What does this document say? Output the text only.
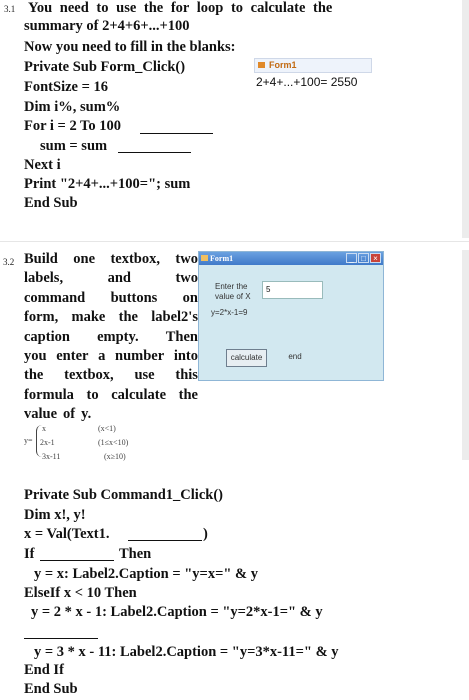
3.1 You need to use the for loop to calculate the
summary of 2+4+6+...+100
Now you need to fill in the blanks:
Private Sub Form_Click()
FontSize = 16
Dim i%, sum%
For i = 2 To 100
sum = sum
Next i
Print "2+4+...+100="; sum
End Sub
Form1
2+4+...+100= 2550
3.2 Build one textbox, two
labels,	and	two
command buttons on
form, make the label2's
caption empty. Then
you enter a number into
the textbox, use this
formula to calculate the
value of y.
Form1	_ □ ×
Enter the
value of X
y=2*x-1=9
5
calculate	end
y=
x	(x<1)
2x-1	(1≤x<10)
3x-11	(x≥10)
Private Sub Command1_Click()
Dim x!, y!
x = Val(Text1.	)
If	Then
y = x: Label2.Caption = "y=x=" & y
ElseIf x < 10 Then
y = 2 * x - 1: Label2.Caption = "y=2*x-1=" & y
y = 3 * x - 11: Label2.Caption = "y=3*x-11=" & y
End If
End Sub
